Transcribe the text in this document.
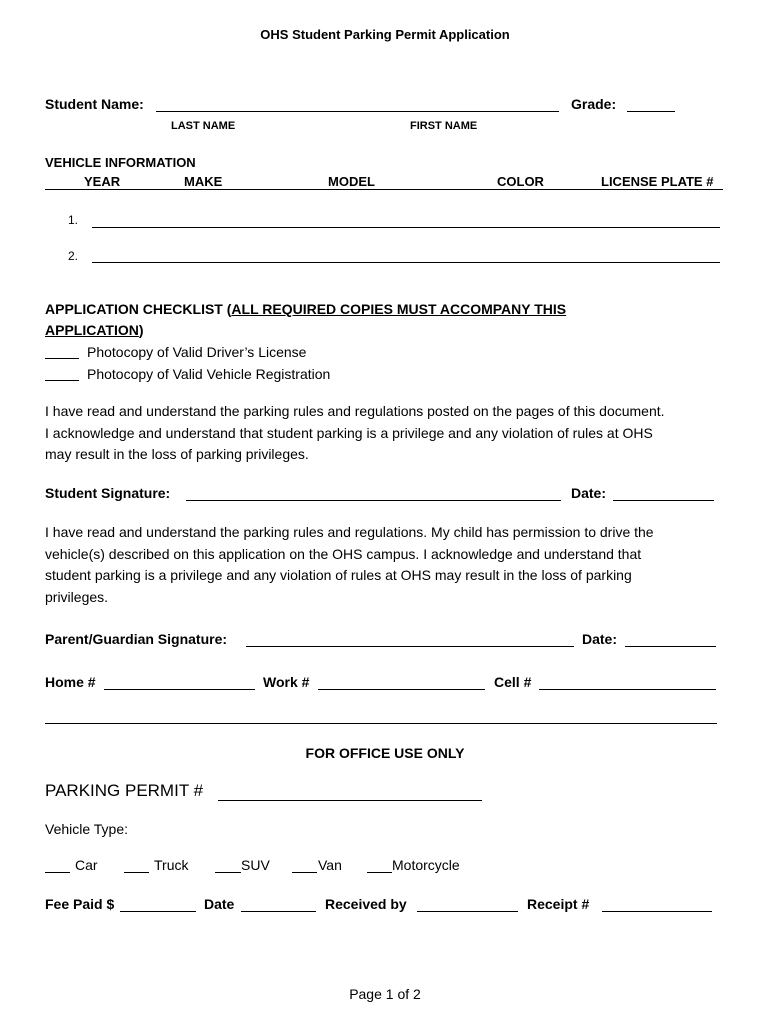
OHS Student Parking Permit Application
Student Name:	Grade:
LAST NAME	FIRST NAME
VEHICLE INFORMATION
YEAR	MAKE	MODEL	COLOR	LICENSE PLATE #
1.
2.
APPLICATION CHECKLIST (ALL REQUIRED COPIES MUST ACCOMPANY THIS
APPLICATION)
Photocopy of Valid Driver’s License
Photocopy of Valid Vehicle Registration
I have read and understand the parking rules and regulations posted on the pages of this document.
I acknowledge and understand that student parking is a privilege and any violation of rules at OHS
may result in the loss of parking privileges.
Student Signature:	Date:
I have read and understand the parking rules and regulations. My child has permission to drive the
vehicle(s) described on this application on the OHS campus. I acknowledge and understand that
student parking is a privilege and any violation of rules at OHS may result in the loss of parking
privileges.
Parent/Guardian Signature:	Date:
Home #	Work #	Cell #
FOR OFFICE USE ONLY
PARKING PERMIT #
Vehicle Type:
Car	Truck	SUV	Van	Motorcycle
Fee Paid $	Date	Received by	Receipt #
Page 1 of 2
